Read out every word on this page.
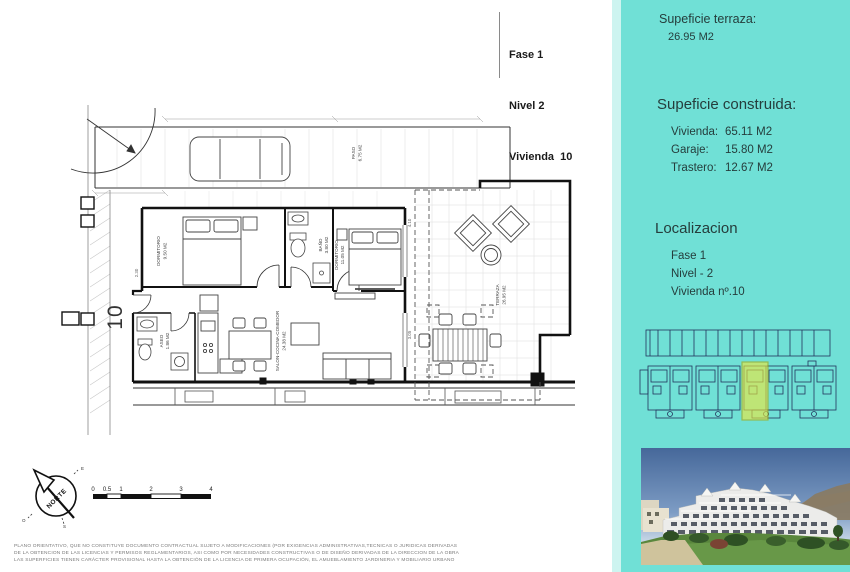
Fase 1

Nivel 2

Vivienda  10

DORMITORIO 9.50 M2	BAÑO 3.80 M2 DORMITORIO 11.05 M2
SALON-COCINA-COMEDOR 24.38 M2
ASEO 1.86 M2
PASO 6.75 M2
TERRAZA 26.95 M2
2.30
4.10
3.05
10
NORTE
E
S
O
0 0.5 1	2	3	4
PLANO ORIENTATIVO, QUE NO CONSTITUYE DOCUMENTO CONTRACTUAL SUJETO A MODIFICACIONES (POR EXIGENCIAS ADMINISTRATIVAS,TECNICAS O JURIDICAS DERIVADAS
DE LA OBTENCION DE LAS LICENCIAS Y PERMISOS REGLAMENTARIOS, ASI COMO POR NECESIDADES CONSTRUCTIVAS O DE DISEÑO DERIVADAS DE LA DIRECCION DE LA OBRA
LAS SUPERFICIES TIENEN CARÁCTER PROVISIONAL HASTA LA OBTENCIÓN DE LA LICENCIA DE PRIMERA OCUPACIÓN, EL AMUEBLAMIENTO JARDINERIA Y MOBILIARIO URBANO
Supeficie terraza:
26.95 M2
Supeficie construida:
Vivienda: 65.11 M2
Garaje:	15.80 M2
Trastero: 12.67 M2
Localizacion
Fase 1
Nivel - 2
Vivienda nº.10
